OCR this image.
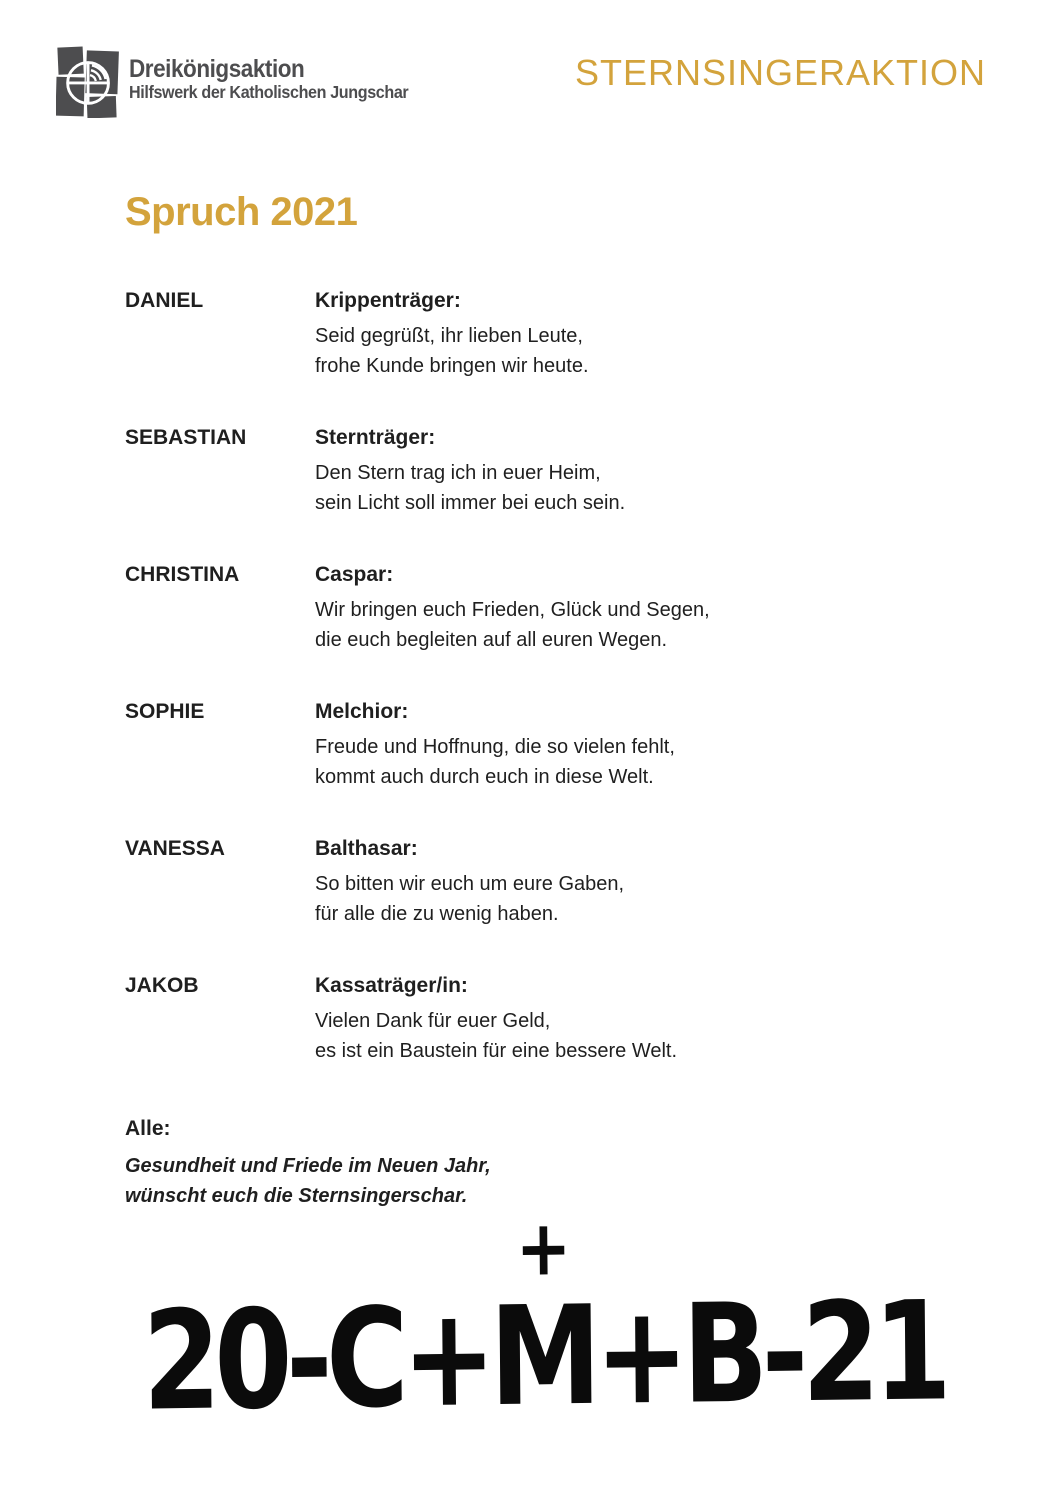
Dreikönigsaktion
Hilfswerk der Katholischen Jungschar	STERNSINGERAKTION
Spruch 2021
DANIEL	Krippenträger:
Seid gegrüßt, ihr lieben Leute,
frohe Kunde bringen wir heute.
SEBASTIAN	Sternträger:
Den Stern trag ich in euer Heim,
sein Licht soll immer bei euch sein.
CHRISTINA	Caspar:
Wir bringen euch Frieden, Glück und Segen,
die euch begleiten auf all euren Wegen.
SOPHIE	Melchior:
Freude und Hoffnung, die so vielen fehlt,
kommt auch durch euch in diese Welt.
VANESSA	Balthasar:
So bitten wir euch um eure Gaben,
für alle die zu wenig haben.
JAKOB	Kassaträger/in:
Vielen Dank für euer Geld,
es ist ein Baustein für eine bessere Welt.
Alle:
Gesundheit und Friede im Neuen Jahr,
wünscht euch die Sternsingerschar.
20-C+
+
M+B-21
